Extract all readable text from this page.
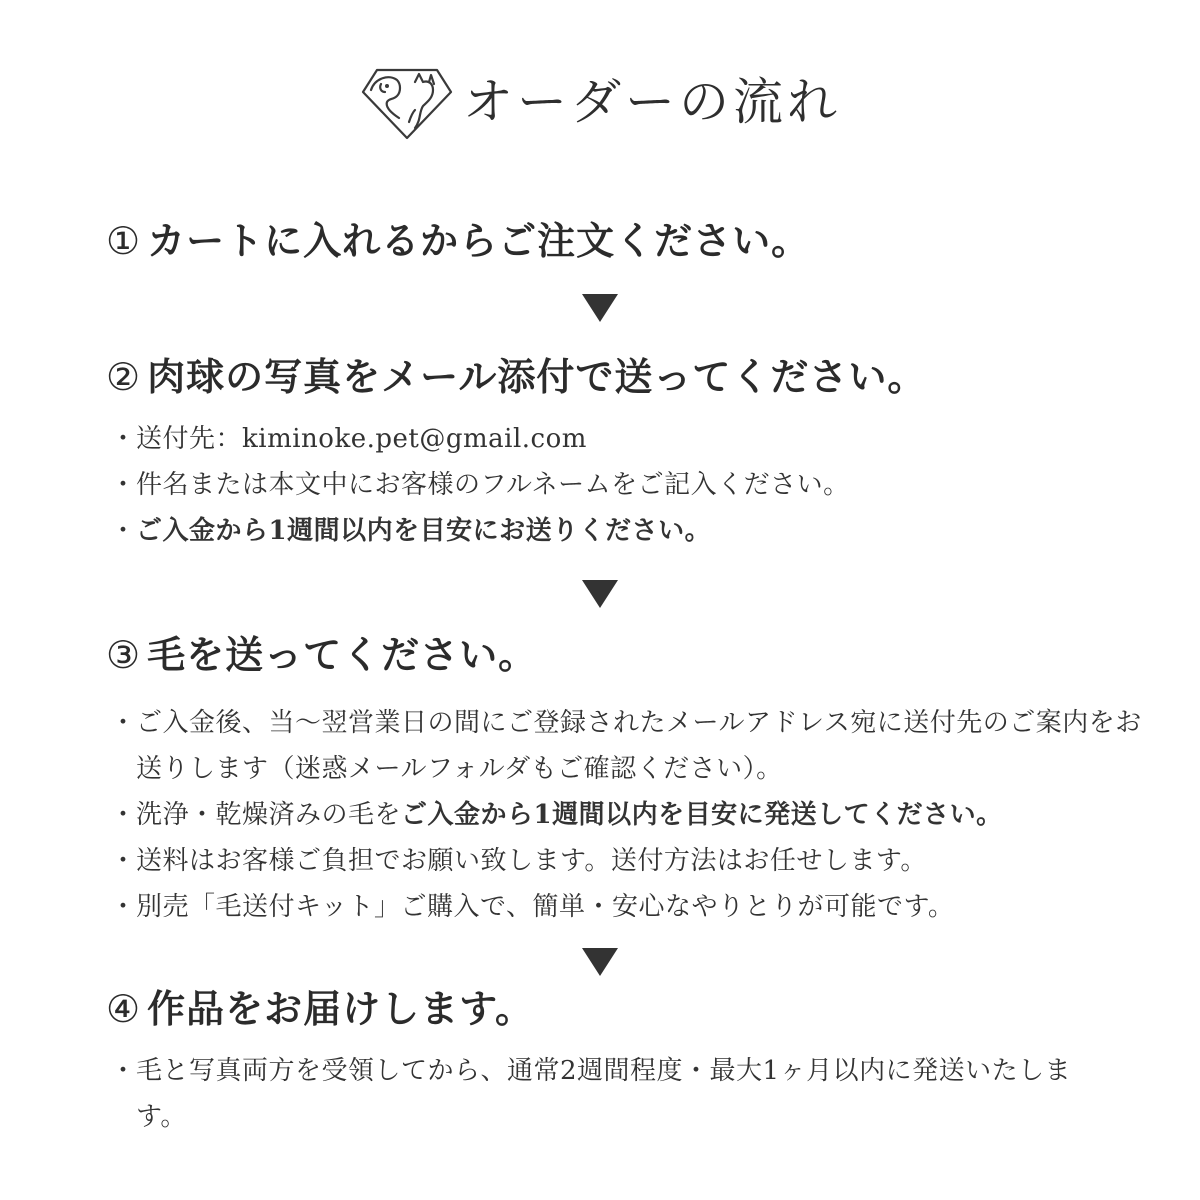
オーダーの流れ
① カートに入れるからご注文ください。
② 肉球の写真をメール添付で送ってください。
・ 送付先：kiminoke.pet@gmail.com
・ 件名または本文中にお客様のフルネームをご記入ください。
・ ご入金から1週間以内を目安にお送りください。
③ 毛を送ってください。
・ ご入金後、当〜翌営業日の間にご登録されたメールアドレス宛に送付先のご案内をお送りします（迷惑メールフォルダもご確認ください）。
・ 洗浄・乾燥済みの毛をご入金から1週間以内を目安に発送してください。
・ 送料はお客様ご負担でお願い致します。送付方法はお任せします。
・ 別売「毛送付キット」ご購入で、簡単・安心なやりとりが可能です。
④ 作品をお届けします。
・ 毛と写真両方を受領してから、通常2週間程度・最大1ヶ月以内に発送いたします。
